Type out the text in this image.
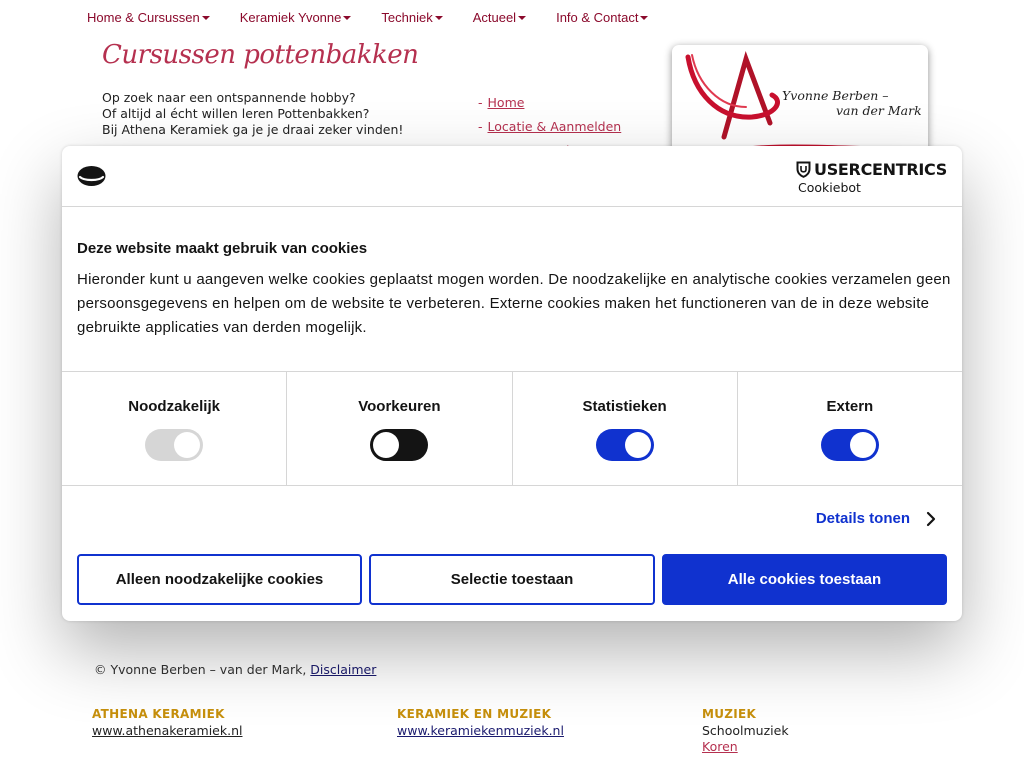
Home & Cursussen	Keramiek Yvonne	Techniek	Actueel	Info & Contact
Cursussen pottenbakken
Op zoek naar een ontspannende hobby?
Of altijd al écht willen leren Pottenbakken?
Bij Athena Keramiek ga je je draai zeker vinden!
- Home
- Locatie & Aanmelden
Yvonne Berben –
van der Mark
© Yvonne Berben – van der Mark, Disclaimer
ATHENA KERAMIEK
www.athenakeramiek.nl
KERAMIEK EN MUZIEK
www.keramiekenmuziek.nl
MUZIEK
Schoolmuziek
Koren
USERCENTRICS
Cookiebot
Deze website maakt gebruik van cookies
Hieronder kunt u aangeven welke cookies geplaatst mogen worden. De noodzakelijke en analytische cookies verzamelen geen persoonsgegevens en helpen om de website te verbeteren. Externe cookies maken het functioneren van de in deze website gebruikte applicaties van derden mogelijk.
Noodzakelijk	Voorkeuren	Statistieken	Extern
Details tonen
Alleen noodzakelijke cookies	Selectie toestaan	Alle cookies toestaan
